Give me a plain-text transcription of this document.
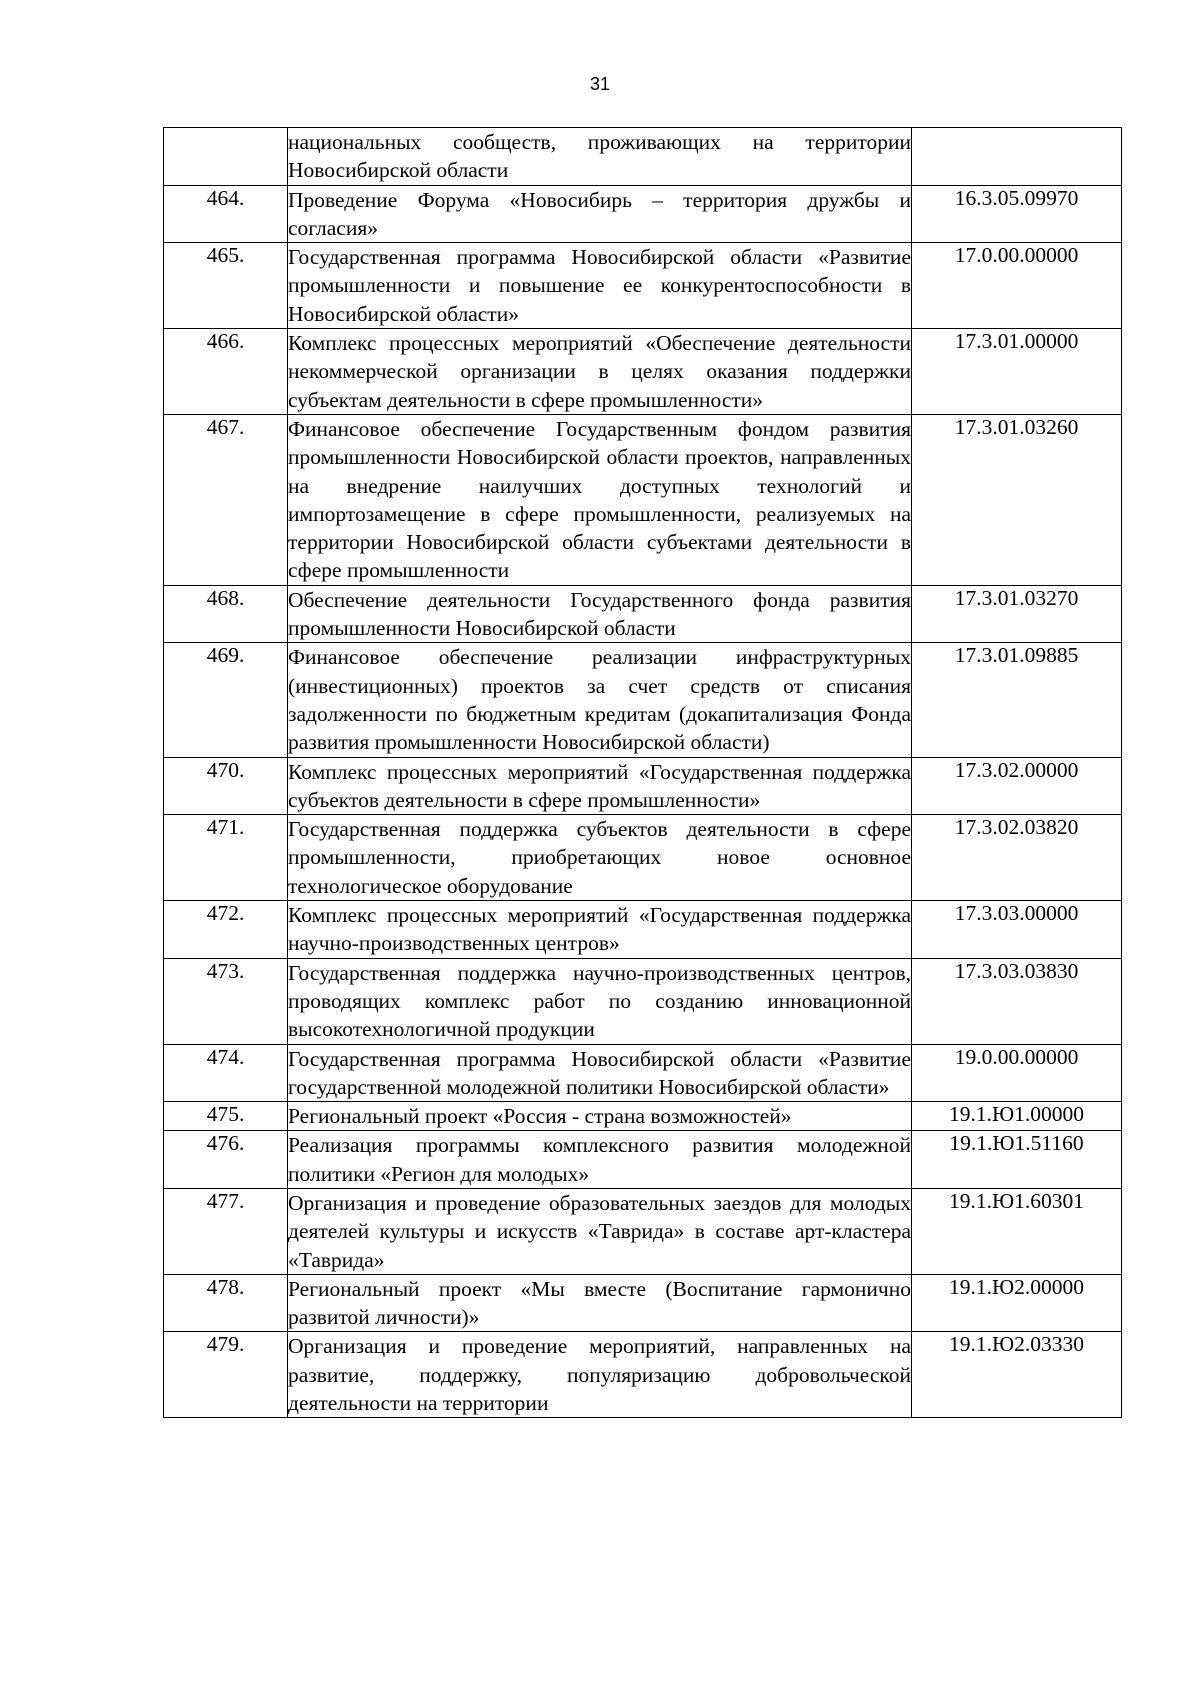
31
	национальных сообществ, проживающих на территории Новосибирской области	
464.	Проведение Форума «Новосибирь – территория дружбы и согласия»	16.3.05.09970
465.	Государственная программа Новосибирской области «Развитие промышленности и повышение ее конкурентоспособности в Новосибирской области»	17.0.00.00000
466.	Комплекс процессных мероприятий «Обеспечение деятельности некоммерческой организации в целях оказания поддержки субъектам деятельности в сфере промышленности»	17.3.01.00000
467.	Финансовое обеспечение Государственным фондом развития промышленности Новосибирской области проектов, направленных на внедрение наилучших доступных технологий и импортозамещение в сфере промышленности, реализуемых на территории Новосибирской области субъектами деятельности в сфере промышленности	17.3.01.03260
468.	Обеспечение деятельности Государственного фонда развития промышленности Новосибирской области	17.3.01.03270
469.	Финансовое обеспечение реализации инфраструктурных (инвестиционных) проектов за счет средств от списания задолженности по бюджетным кредитам (докапитализация Фонда развития промышленности Новосибирской области)	17.3.01.09885
470.	Комплекс процессных мероприятий «Государственная поддержка субъектов деятельности в сфере промышленности»	17.3.02.00000
471.	Государственная поддержка субъектов деятельности в сфере промышленности, приобретающих новое основное технологическое оборудование	17.3.02.03820
472.	Комплекс процессных мероприятий «Государственная поддержка научно-производственных центров»	17.3.03.00000
473.	Государственная поддержка научно-производственных центров, проводящих комплекс работ по созданию инновационной высокотехнологичной продукции	17.3.03.03830
474.	Государственная программа Новосибирской области «Развитие государственной молодежной политики Новосибирской области»	19.0.00.00000
475.	Региональный проект «Россия - страна возможностей»	19.1.Ю1.00000
476.	Реализация программы комплексного развития молодежной политики «Регион для молодых»	19.1.Ю1.51160
477.	Организация и проведение образовательных заездов для молодых деятелей культуры и искусств «Таврида» в составе арт-кластера «Таврида»	19.1.Ю1.60301
478.	Региональный проект «Мы вместе (Воспитание гармонично развитой личности)»	19.1.Ю2.00000
479.	Организация и проведение мероприятий, направленных на развитие, поддержку, популяризацию добровольческой деятельности на территории	19.1.Ю2.03330
